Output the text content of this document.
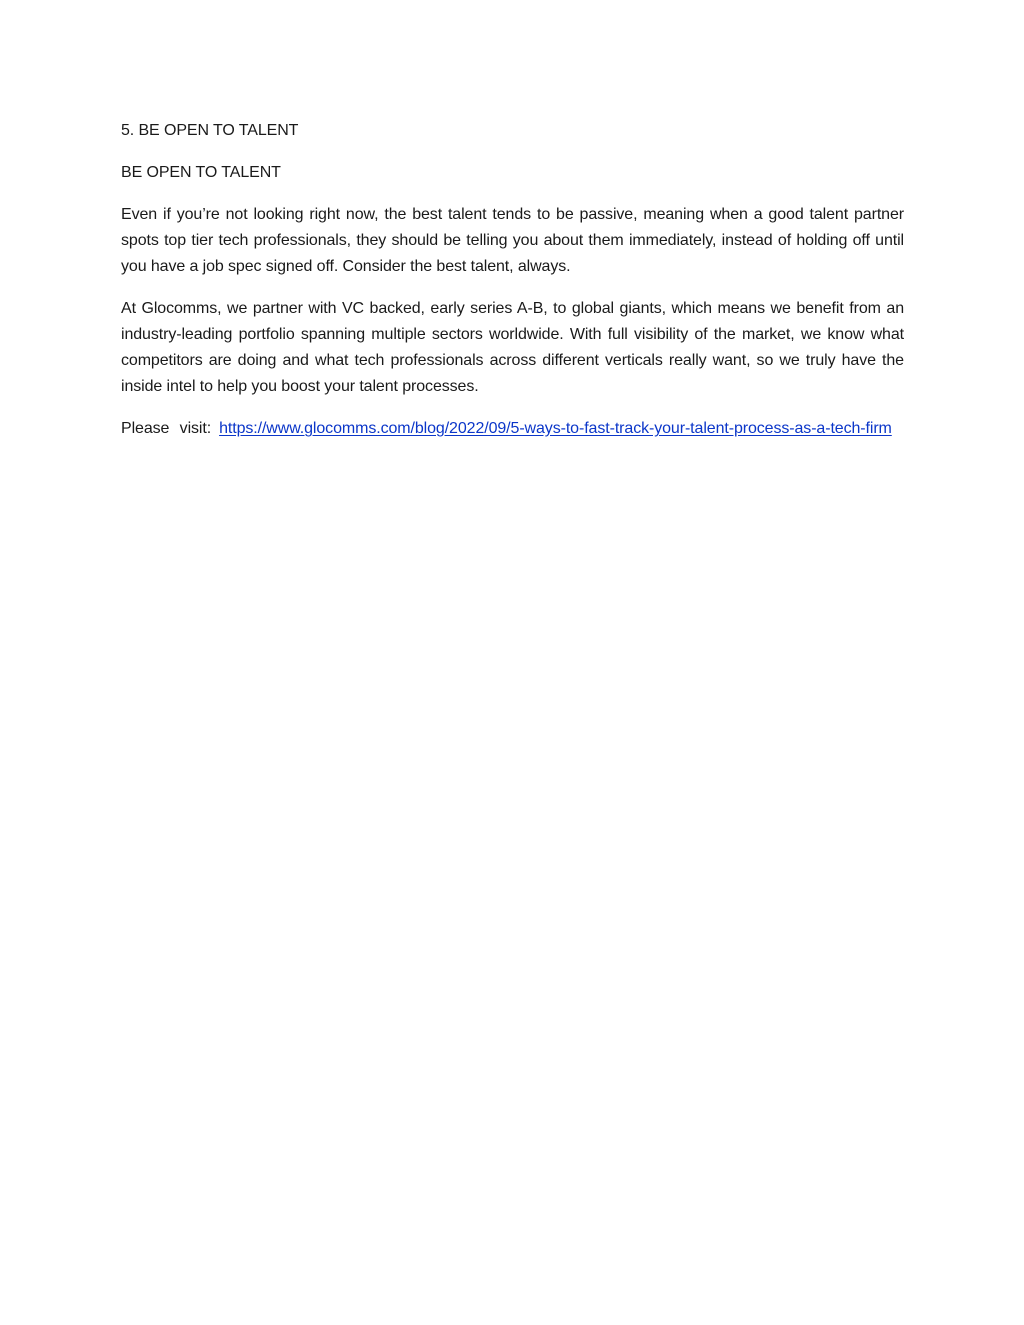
5. BE OPEN TO TALENT

BE OPEN TO TALENT

Even if you’re not looking right now, the best talent tends to be passive, meaning when a good talent partner spots top tier tech professionals, they should be telling you about them immediately, instead of holding off until you have a job spec signed off. Consider the best talent, always.

At Glocomms, we partner with VC backed, early series A-B, to global giants, which means we benefit from an industry-leading portfolio spanning multiple sectors worldwide. With full visibility of the market, we know what competitors are doing and what tech professionals across different verticals really want, so we truly have the inside intel to help you boost your talent processes.

Please visit: https://www.glocomms.com/blog/2022/09/5-ways-to-fast-track-your-talent-process-as-a-tech-firm
